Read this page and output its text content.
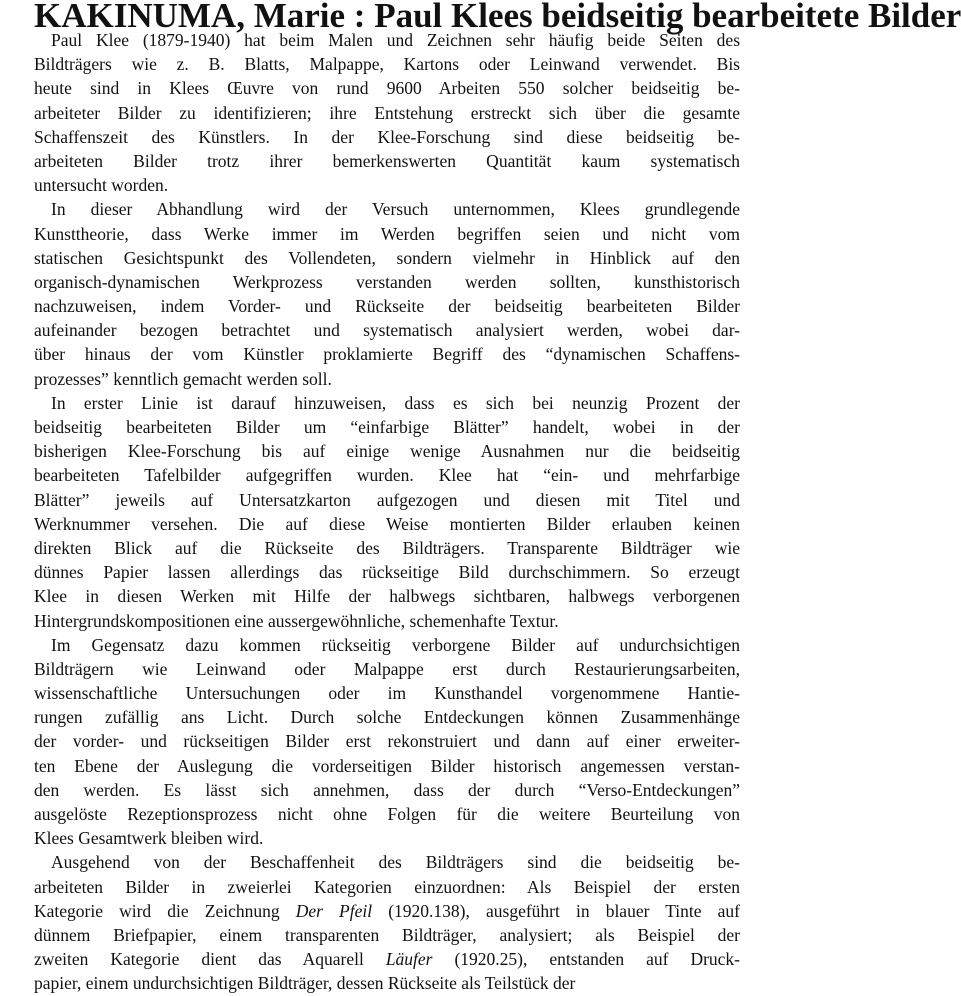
KAKINUMA, Marie : Paul Klees beidseitig bearbeitete Bilder
Paul Klee (1879-1940) hat beim Malen und Zeichnen sehr häufig beide Seiten des
Bildträgers wie z. B. Blatts, Malpappe, Kartons oder Leinwand verwendet. Bis
heute sind in Klees Œuvre von rund 9600 Arbeiten 550 solcher beidseitig be-
arbeiteter Bilder zu identifizieren; ihre Entstehung erstreckt sich über die gesamte
Schaffenszeit des Künstlers. In der Klee-Forschung sind diese beidseitig be-
arbeiteten Bilder trotz ihrer bemerkenswerten Quantität kaum systematisch
untersucht worden.
In dieser Abhandlung wird der Versuch unternommen, Klees grundlegende
Kunsttheorie, dass Werke immer im Werden begriffen seien und nicht vom
statischen Gesichtspunkt des Vollendeten, sondern vielmehr in Hinblick auf den
organisch-dynamischen Werkprozess verstanden werden sollten, kunsthistorisch
nachzuweisen, indem Vorder- und Rückseite der beidseitig bearbeiteten Bilder
aufeinander bezogen betrachtet und systematisch analysiert werden, wobei dar-
über hinaus der vom Künstler proklamierte Begriff des “dynamischen Schaffens-
prozesses” kenntlich gemacht werden soll.
In erster Linie ist darauf hinzuweisen, dass es sich bei neunzig Prozent der
beidseitig bearbeiteten Bilder um “einfarbige Blätter” handelt, wobei in der
bisherigen Klee-Forschung bis auf einige wenige Ausnahmen nur die beidseitig
bearbeiteten Tafelbilder aufgegriffen wurden. Klee hat “ein- und mehrfarbige
Blätter” jeweils auf Untersatzkarton aufgezogen und diesen mit Titel und
Werknummer versehen. Die auf diese Weise montierten Bilder erlauben keinen
direkten Blick auf die Rückseite des Bildträgers. Transparente Bildträger wie
dünnes Papier lassen allerdings das rückseitige Bild durchschimmern. So erzeugt
Klee in diesen Werken mit Hilfe der halbwegs sichtbaren, halbwegs verborgenen
Hintergrundskompositionen eine aussergewöhnliche, schemenhafte Textur.
Im Gegensatz dazu kommen rückseitig verborgene Bilder auf undurchsichtigen
Bildträgern wie Leinwand oder Malpappe erst durch Restaurierungsarbeiten,
wissenschaftliche Untersuchungen oder im Kunsthandel vorgenommene Hantie-
rungen zufällig ans Licht. Durch solche Entdeckungen können Zusammenhänge
der vorder- und rückseitigen Bilder erst rekonstruiert und dann auf einer erweiter-
ten Ebene der Auslegung die vorderseitigen Bilder historisch angemessen verstan-
den werden. Es lässt sich annehmen, dass der durch “Verso-Entdeckungen”
ausgelöste Rezeptionsprozess nicht ohne Folgen für die weitere Beurteilung von
Klees Gesamtwerk bleiben wird.
Ausgehend von der Beschaffenheit des Bildträgers sind die beidseitig be-
arbeiteten Bilder in zweierlei Kategorien einzuordnen: Als Beispiel der ersten
Kategorie wird die Zeichnung Der Pfeil (1920.138), ausgeführt in blauer Tinte auf
dünnem Briefpapier, einem transparenten Bildträger, analysiert; als Beispiel der
zweiten Kategorie dient das Aquarell Läufer (1920.25), entstanden auf Druck-
papier, einem undurchsichtigen Bildträger, dessen Rückseite als Teilstück der
